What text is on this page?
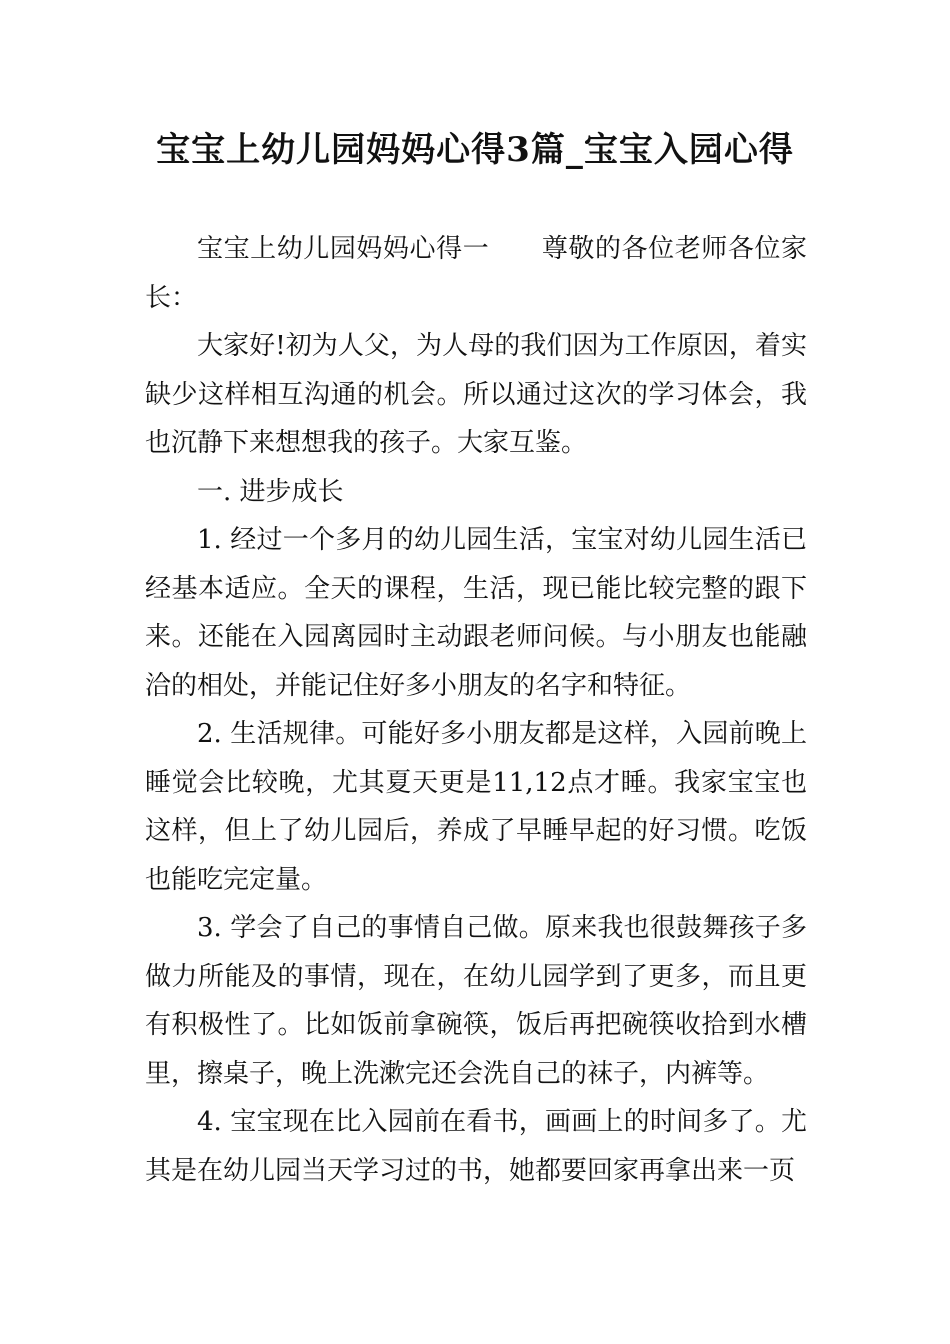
宝宝上幼儿园妈妈心得3篇_宝宝入园心得

宝宝上幼儿园妈妈心得一 尊敬的各位老师各位家长：

大家好!初为人父，为人母的我们因为工作原因，着实缺少这样相互沟通的机会。所以通过这次的学习体会，我也沉静下来想想我的孩子。大家互鉴。

一. 进步成长

1. 经过一个多月的幼儿园生活，宝宝对幼儿园生活已经基本适应。全天的课程，生活，现已能比较完整的跟下来。还能在入园离园时主动跟老师问候。与小朋友也能融洽的相处，并能记住好多小朋友的名字和特征。

2. 生活规律。可能好多小朋友都是这样，入园前晚上睡觉会比较晚，尤其夏天更是11,12点才睡。我家宝宝也这样，但上了幼儿园后，养成了早睡早起的好习惯。吃饭也能吃完定量。

3. 学会了自己的事情自己做。原来我也很鼓舞孩子多做力所能及的事情，现在，在幼儿园学到了更多，而且更有积极性了。比如饭前拿碗筷，饭后再把碗筷收拾到水槽里，擦桌子，晚上洗漱完还会洗自己的袜子，内裤等。

4. 宝宝现在比入园前在看书，画画上的时间多了。尤其是在幼儿园当天学习过的书，她都要回家再拿出来一页
